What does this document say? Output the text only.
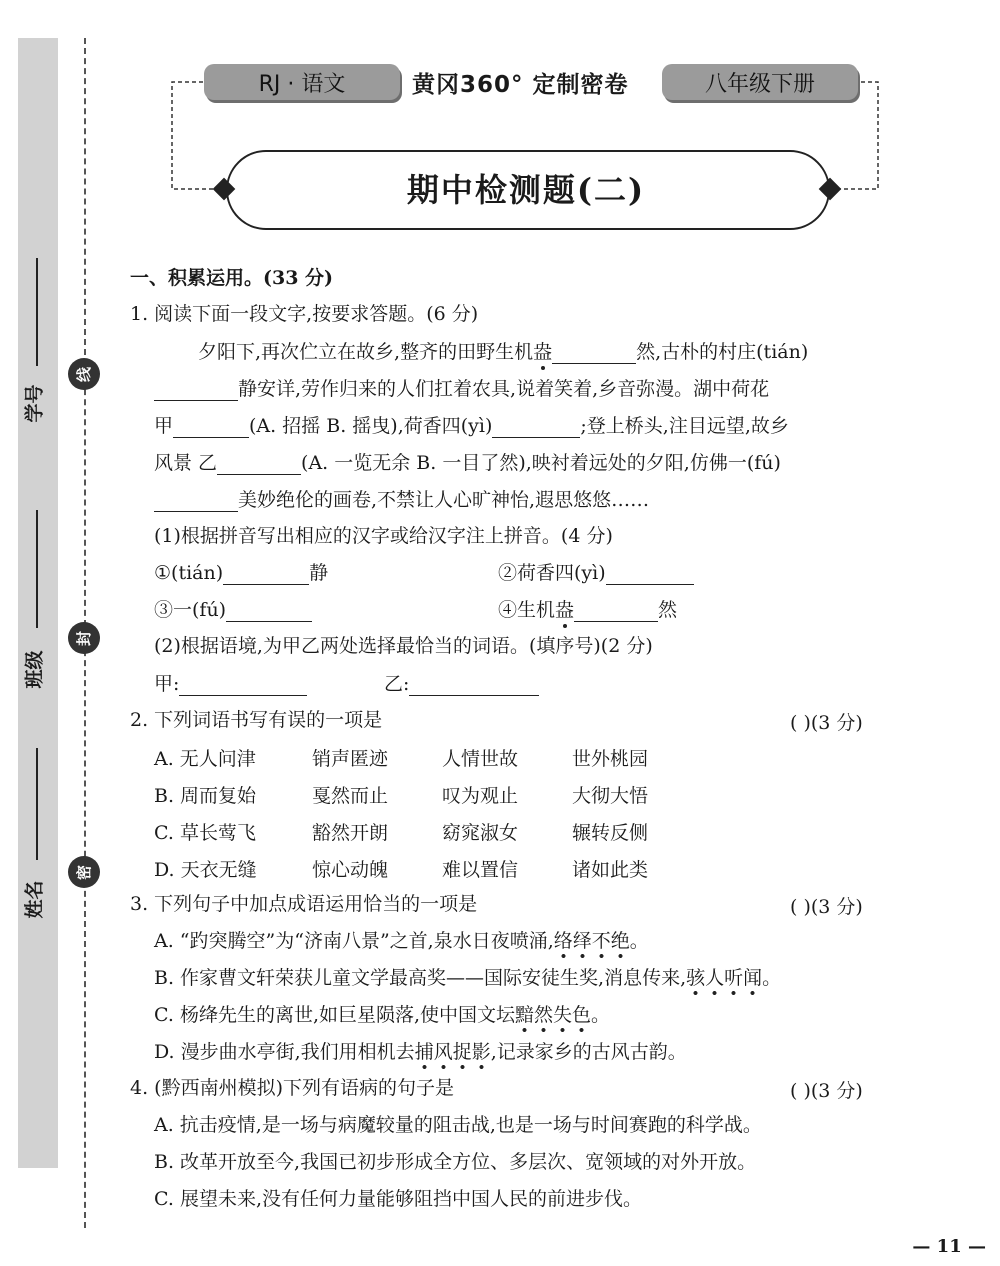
学号
班级
姓名
线
封
密
RJ · 语文	黄冈360° 定制密卷	八年级下册
期中检测题(二)
一、积累运用。(33 分)
1. 阅读下面一段文字,按要求答题。(6 分)
夕阳下,再次伫立在故乡,整齐的田野生机盎	然,古朴的村庄(tián)
静安详,劳作归来的人们扛着农具,说着笑着,乡音弥漫。湖中荷花
甲	(A. 招摇 B. 摇曳),荷香四(yì)	;登上桥头,注目远望,故乡
风景 乙	(A. 一览无余 B. 一目了然),映衬着远处的夕阳,仿佛一(fú)
美妙绝伦的画卷,不禁让人心旷神怡,遐思悠悠……
(1)根据拼音写出相应的汉字或给汉字注上拼音。(4 分)
①(tián)	静	②荷香四(yì)
③一(fú)	④生机盎	然
(2)根据语境,为甲乙两处选择最恰当的词语。(填序号)(2 分)
甲:	乙:
2. 下列词语书写有误的一项是	( )(3 分)
A. 无人问津	销声匿迹	人情世故	世外桃园
B. 周而复始	戛然而止	叹为观止	大彻大悟
C. 草长莺飞	豁然开朗	窈窕淑女	辗转反侧
D. 天衣无缝	惊心动魄	难以置信	诸如此类
3. 下列句子中加点成语运用恰当的一项是	( )(3 分)
A. “趵突腾空”为“济南八景”之首,泉水日夜喷涌,络绎不绝。
B. 作家曹文轩荣获儿童文学最高奖——国际安徒生奖,消息传来,骇人听闻。
C. 杨绛先生的离世,如巨星陨落,使中国文坛黯然失色。
D. 漫步曲水亭街,我们用相机去捕风捉影,记录家乡的古风古韵。
4. (黔西南州模拟)下列有语病的句子是	( )(3 分)
A. 抗击疫情,是一场与病魔较量的阻击战,也是一场与时间赛跑的科学战。
B. 改革开放至今,我国已初步形成全方位、多层次、宽领域的对外开放。
C. 展望未来,没有任何力量能够阻挡中国人民的前进步伐。
— 11 —
